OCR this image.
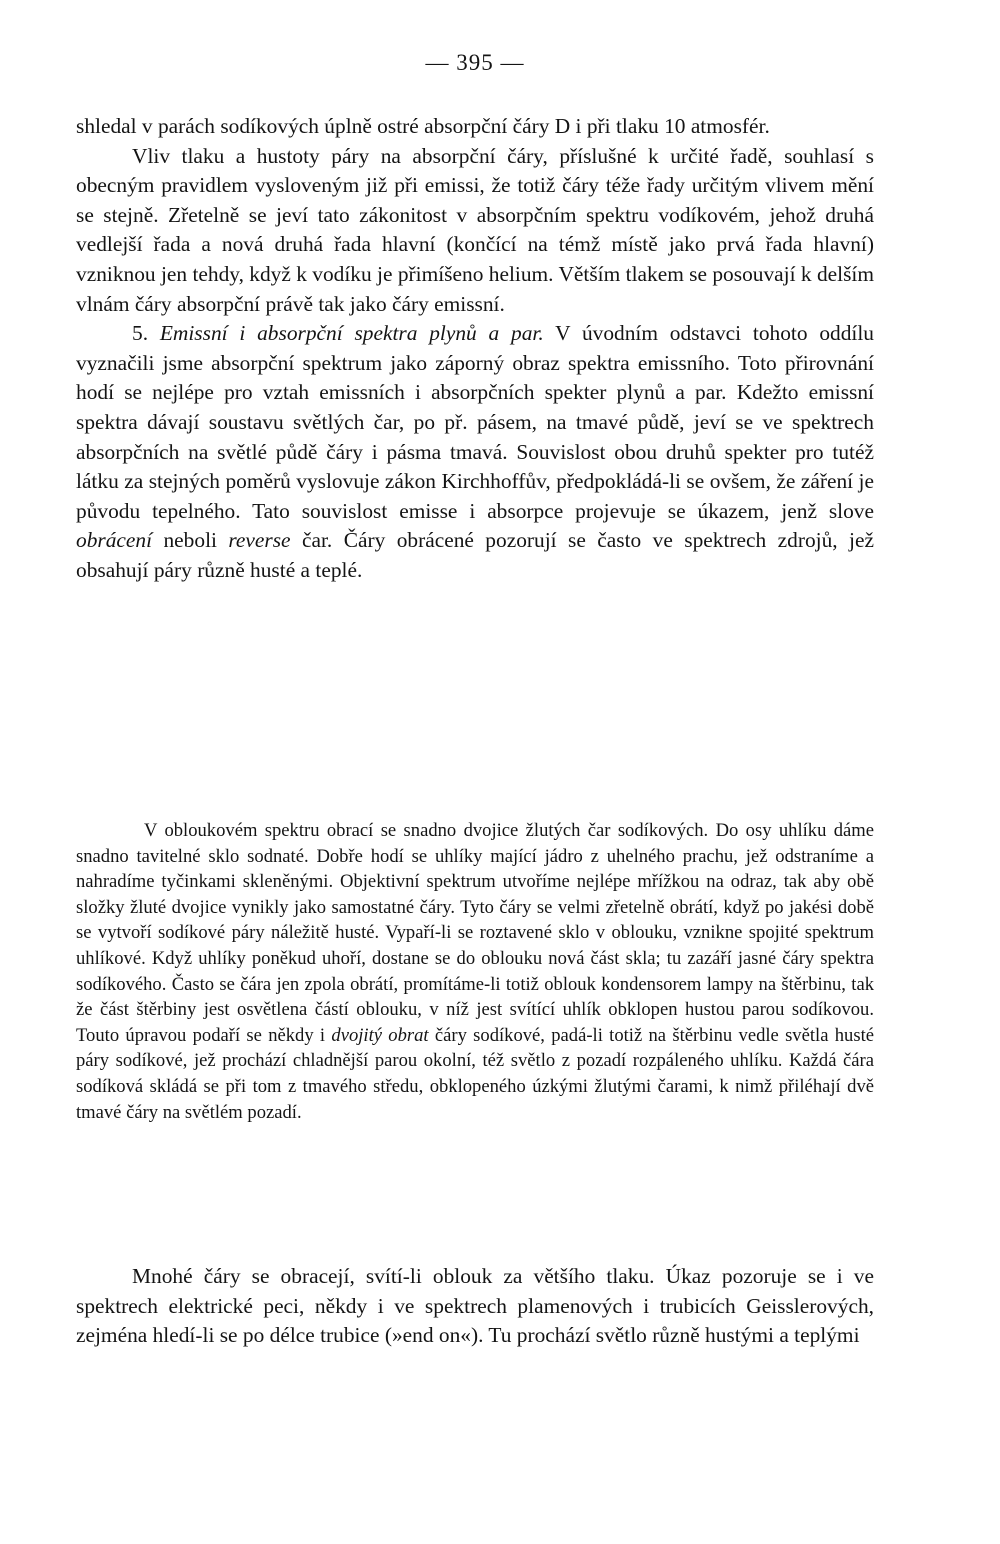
— 395 —

shledal v parách sodíkových úplně ostré absorpční čáry D i při tlaku 10 atmosfér.

Vliv tlaku a hustoty páry na absorpční čáry, příslušné k určité řadě, souhlasí s obecným pravidlem vysloveným již při emissi, že totiž čáry téže řady určitým vlivem mění se stejně. Zřetelně se jeví tato zákonitost v absorpčním spektru vodíkovém, jehož druhá vedlejší řada a nová druhá řada hlavní (končící na témž místě jako prvá řada hlavní) vzniknou jen tehdy, když k vodíku je přimíšeno helium. Větším tlakem se posouvají k delším vlnám čáry absorpční právě tak jako čáry emissní.

5. Emissní i absorpční spektra plynů a par. V úvodním odstavci tohoto oddílu vyznačili jsme absorpční spektrum jako záporný obraz spektra emissního. Toto přirovnání hodí se nejlépe pro vztah emissních i absorpčních spekter plynů a par. Kdežto emissní spektra dávají soustavu světlých čar, po př. pásem, na tmavé půdě, jeví se ve spektrech absorpčních na světlé půdě čáry i pásma tmavá. Souvislost obou druhů spekter pro tutéž látku za stejných poměrů vyslovuje zákon Kirchhoffův, předpokládá-li se ovšem, že záření je původu tepelného. Tato souvislost emisse i absorpce projevuje se úkazem, jenž slove obrácení neboli reverse čar. Čáry obrácené pozorují se často ve spektrech zdrojů, jež obsahují páry různě husté a teplé.

V obloukovém spektru obrací se snadno dvojice žlutých čar sodíkových. Do osy uhlíku dáme snadno tavitelné sklo sodnaté. Dobře hodí se uhlíky mající jádro z uhelného prachu, jež odstraníme a nahradíme tyčinkami skleněnými. Objektivní spektrum utvoříme nejlépe mřížkou na odraz, tak aby obě složky žluté dvojice vynikly jako samostatné čáry. Tyto čáry se velmi zřetelně obrátí, když po jakési době se vytvoří sodíkové páry náležitě husté. Vypaří-li se roztavené sklo v oblouku, vznikne spojité spektrum uhlíkové. Když uhlíky poněkud uhoří, dostane se do oblouku nová část skla; tu zazáří jasné čáry spektra sodíkového. Často se čára jen zpola obrátí, promítáme-li totiž oblouk kondensorem lampy na štěrbinu, tak že část štěrbiny jest osvětlena částí oblouku, v níž jest svítící uhlík obklopen hustou parou sodíkovou. Touto úpravou podaří se někdy i dvojitý obrat čáry sodíkové, padá-li totiž na štěrbinu vedle světla husté páry sodíkové, jež prochází chladnější parou okolní, též světlo z pozadí rozpáleného uhlíku. Každá čára sodíková skládá se při tom z tmavého středu, obklopeného úzkými žlutými čarami, k nimž přiléhají dvě tmavé čáry na světlém pozadí.

Mnohé čáry se obracejí, svítí-li oblouk za většího tlaku. Úkaz pozoruje se i ve spektrech elektrické peci, někdy i ve spektrech plamenových i trubicích Geisslerových, zejména hledí-li se po délce trubice (»end on«). Tu prochází světlo různě hustými a teplými
